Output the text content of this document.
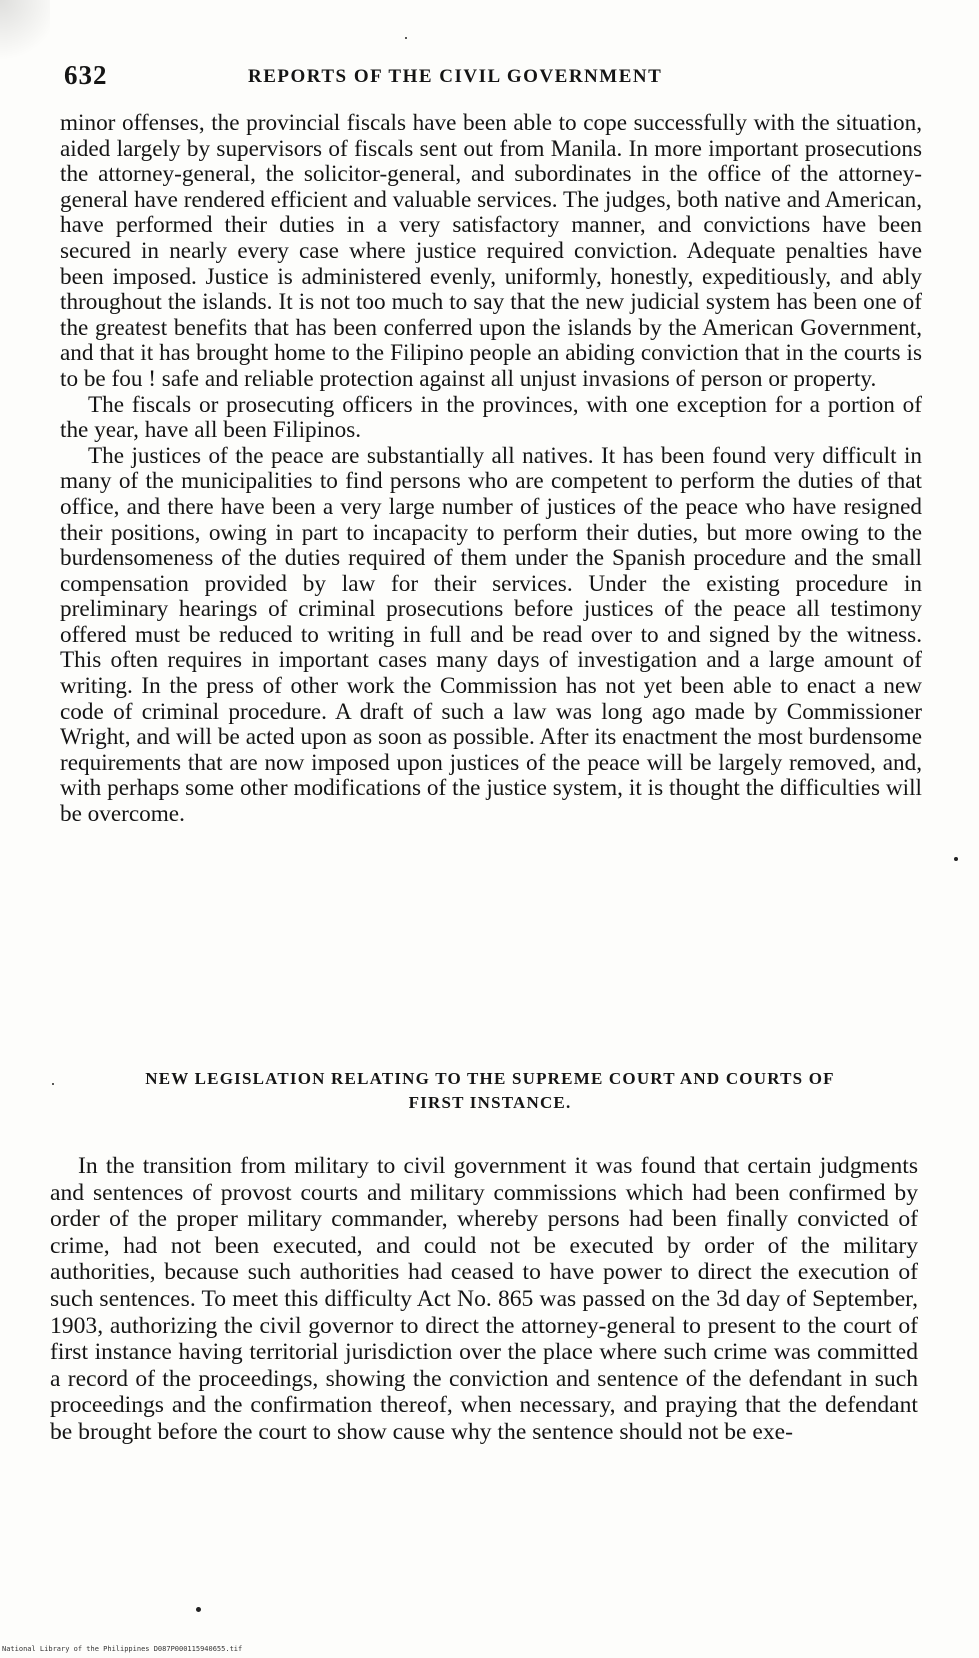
632	REPORTS OF THE CIVIL GOVERNMENT

minor offenses, the provincial fiscals have been able to cope successfully with the situation, aided largely by supervisors of fiscals sent out from Manila. In more important prosecutions the attorney-general, the solicitor-general, and subordinates in the office of the attorney-general have rendered efficient and valuable services. The judges, both native and American, have performed their duties in a very satisfactory manner, and convictions have been secured in nearly every case where justice required conviction. Adequate penalties have been imposed. Justice is administered evenly, uniformly, honestly, expeditiously, and ably throughout the islands. It is not too much to say that the new judicial system has been one of the greatest benefits that has been conferred upon the islands by the American Government, and that it has brought home to the Filipino people an abiding conviction that in the courts is to be fou ! safe and reliable protection against all unjust invasions of person or property.

The fiscals or prosecuting officers in the provinces, with one exception for a portion of the year, have all been Filipinos.

The justices of the peace are substantially all natives. It has been found very difficult in many of the municipalities to find persons who are competent to perform the duties of that office, and there have been a very large number of justices of the peace who have resigned their positions, owing in part to incapacity to perform their duties, but more owing to the burdensomeness of the duties required of them under the Spanish procedure and the small compensation provided by law for their services. Under the existing procedure in preliminary hearings of criminal prosecutions before justices of the peace all testimony offered must be reduced to writing in full and be read over to and signed by the witness. This often requires in important cases many days of investigation and a large amount of writing. In the press of other work the Commission has not yet been able to enact a new code of criminal procedure. A draft of such a law was long ago made by Commissioner Wright, and will be acted upon as soon as possible. After its enactment the most burdensome requirements that are now imposed upon justices of the peace will be largely removed, and, with perhaps some other modifications of the justice system, it is thought the difficulties will be overcome.

NEW LEGISLATION RELATING TO THE SUPREME COURT AND COURTS OF
FIRST INSTANCE.

In the transition from military to civil government it was found that certain judgments and sentences of provost courts and military commissions which had been confirmed by order of the proper military commander, whereby persons had been finally convicted of crime, had not been executed, and could not be executed by order of the military authorities, because such authorities had ceased to have power to direct the execution of such sentences. To meet this difficulty Act No. 865 was passed on the 3d day of September, 1903, authorizing the civil governor to direct the attorney-general to present to the court of first instance having territorial jurisdiction over the place where such crime was committed a record of the proceedings, showing the conviction and sentence of the defendant in such proceedings and the confirmation thereof, when necessary, and praying that the defendant be brought before the court to show cause why the sentence should not be exe-

National Library of the Philippines D087P000115940655.tif
